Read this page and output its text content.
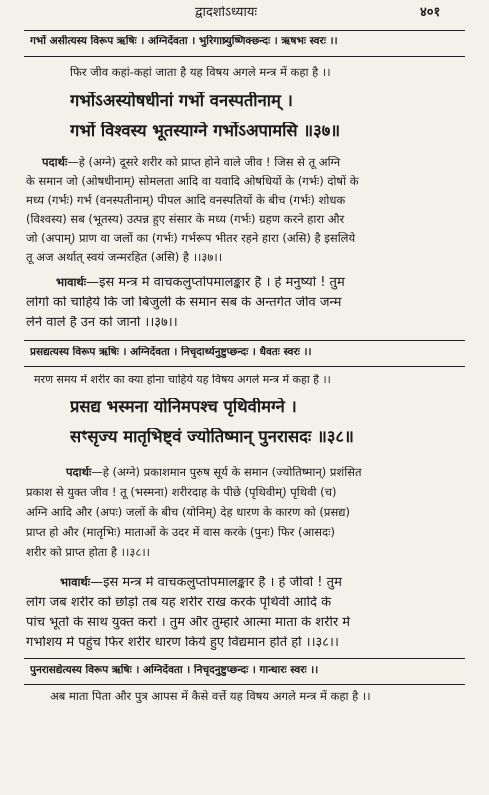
द्वादशोऽध्यायः	४०१
गर्भो असीत्यस्य विरूप ऋषिः । अग्निर्देवता । भुरिगाष्र्युष्णिक्छन्दः । ऋषभः स्वरः ।।
फिर जीव कहां-कहां जाता है यह विषय अगले मन्त्र में कहा है ।।
गर्भोऽअस्योषधीनां गर्भो वनस्पतीनाम् ।
गर्भो विश्वस्य भूतस्याग्ने गर्भोऽअपामसि ॥३७॥
पदार्थः—हे (अग्ने) दूसरे शरीर को प्राप्त होने वाले जीव ! जिस से तू अग्नि
के समान जो (ओषधीनाम्) सोमलता आदि वा यवादि ओषधियों के (गर्भः) दोषों के
मध्य (गर्भः) गर्भ (वनस्पतीनाम्) पीपल आदि वनस्पतियों के बीच (गर्भः) शोधक
(विश्वस्य) सब (भूतस्य) उत्पन्न हुए संसार के मध्य (गर्भः) ग्रहण करने हारा और
जो (अपाम्) प्राण वा जलों का (गर्भः) गर्भरूप भीतर रहने हारा (असि) है इसलिये
तू अज अर्थात् स्वयं जन्मरहित (असि) है ।।३७।।
भावार्थः—इस मन्त्र में वाचकलुप्तोपमालङ्कार है । हे मनुष्यो ! तुम
लोगों को चाहिये कि जो बिजुली के समान सब के अन्तर्गत जीव जन्म
लेने वाले हैं उन को जानो ।।३७।।
प्रसद्यत्यस्य विरूप ऋषिः । अग्निर्देवता । निचृदार्थ्यनुष्टुप्छन्दः । धैवतः स्वरः ।।
मरण समय में शरीर का क्या होना चाहिये यह विषय अगले मन्त्र में कहा है ।।
प्रसद्य भस्मना योनिमपश्च पृथिवीमग्ने ।
सꣳसृज्य मातृभिष्ट्वं ज्योतिष्मान् पुनरासदः ॥३८॥
पदार्थः—हे (अग्ने) प्रकाशमान पुरुष सूर्य के समान (ज्योतिष्मान्) प्रशंसित
प्रकाश से युक्त जीव ! तू (भस्मना) शरीरदाह के पीछे (पृथिवीम्) पृथिवी (च)
अग्नि आदि और (अपः) जलों के बीच (योनिम्) देह धारण के कारण को (प्रसद्य)
प्राप्त हो और (मातृभिः) माताओं के उदर में वास करके (पुनः) फिर (आसदः)
शरीर को प्राप्त होता है ।।३८।।
भावार्थः—इस मन्त्र में वाचकलुप्तोपमालङ्कार है । हे जीवो ! तुम
लोग जब शरीर को छोड़ो तब यह शरीर राख करके पृथिवी आदि के
पांच भूतों के साथ युक्त करो । तुम और तुम्हारे आत्मा माता के शरीर में
गर्भाशय में पहुंच फिर शरीर धारण किये हुए विद्यमान होते हो ।।३८।।
पुनरासद्येत्यस्य विरूप ऋषिः । अग्निर्देवता । निचृदनुष्टुप्छन्दः । गान्धारः स्वरः ।।
अब माता पिता और पुत्र आपस में कैसे वर्त्ते यह विषय अगले मन्त्र में कहा है ।।
